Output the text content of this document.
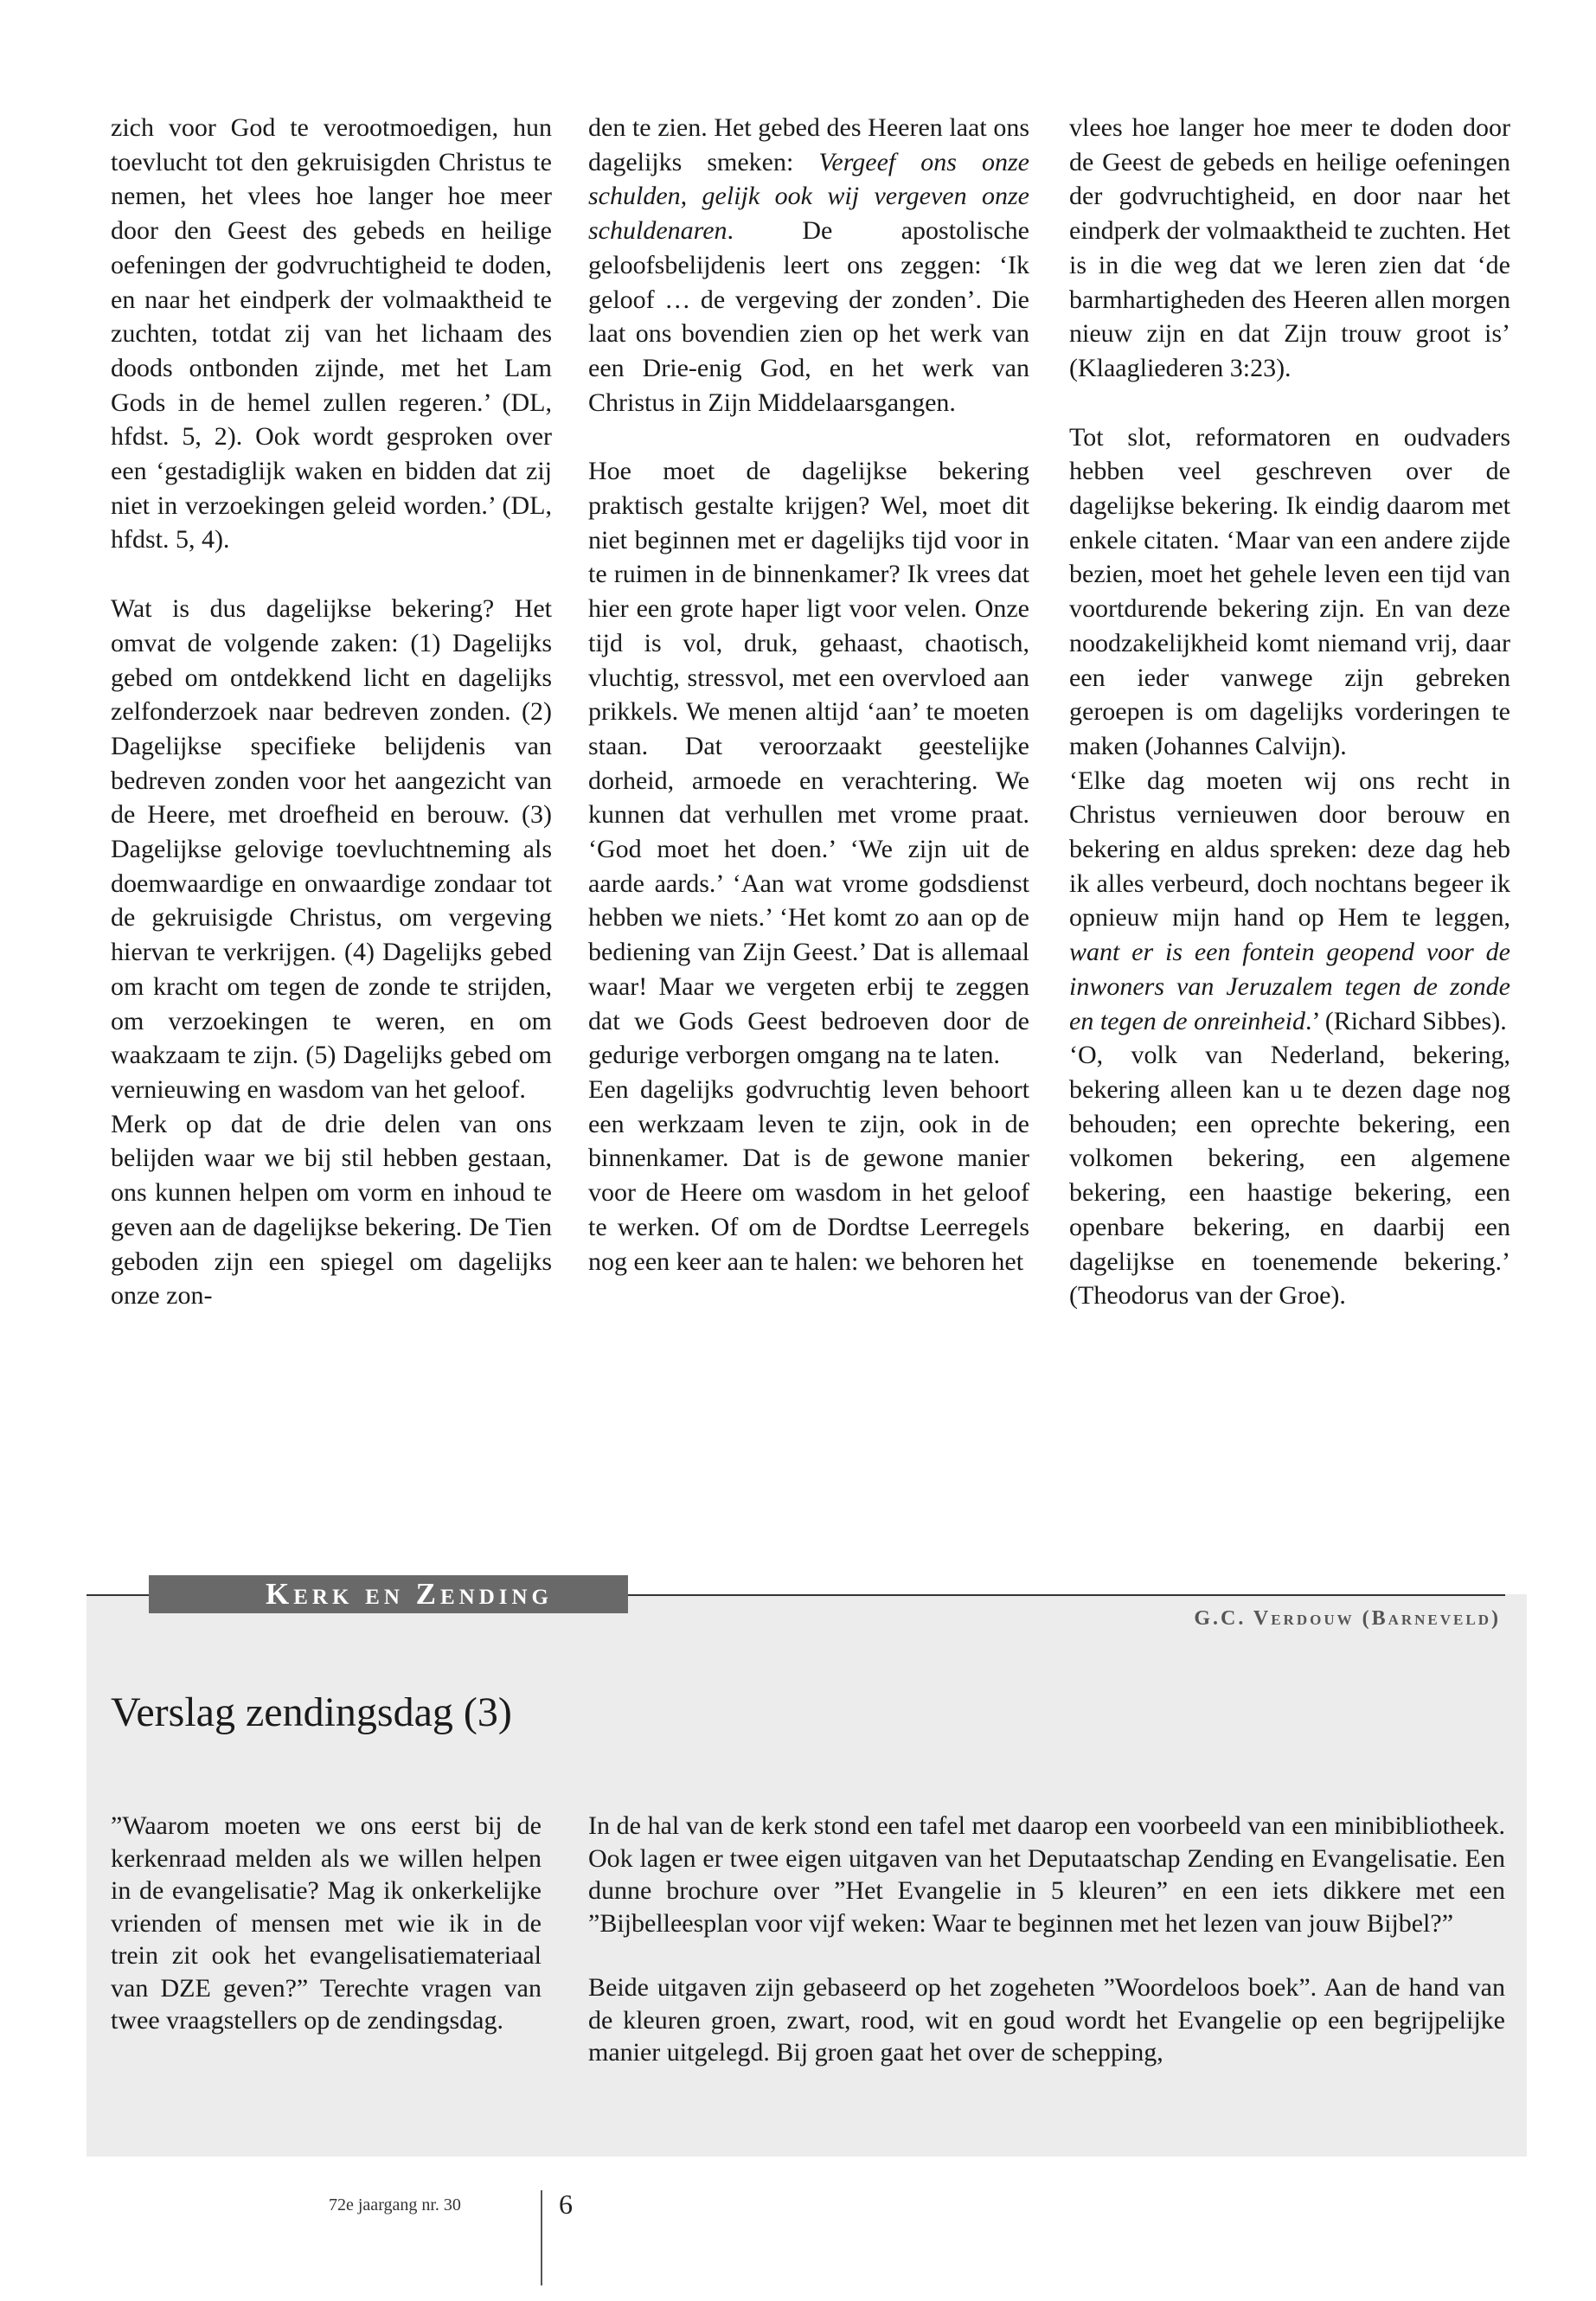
zich voor God te verootmoedigen, hun toevlucht tot den gekruisigden Christus te nemen, het vlees hoe langer hoe meer door den Geest des gebeds en heilige oefeningen der godvruchtigheid te doden, en naar het eindperk der volmaaktheid te zuchten, totdat zij van het lichaam des doods ontbonden zijnde, met het Lam Gods in de hemel zullen regeren.’ (DL, hfdst. 5, 2). Ook wordt gesproken over een ‘gestadiglijk waken en bidden dat zij niet in verzoekingen geleid worden.’ (DL, hfdst. 5, 4).

Wat is dus dagelijkse bekering? Het omvat de volgende zaken: (1) Dagelijks gebed om ontdekkend licht en dagelijks zelfonderzoek naar bedreven zonden. (2) Dagelijkse specifieke belijdenis van bedreven zonden voor het aangezicht van de Heere, met droefheid en berouw. (3) Dagelijkse gelovige toevluchtneming als doemwaardige en onwaardige zondaar tot de gekruisigde Christus, om vergeving hiervan te verkrijgen. (4) Dagelijks gebed om kracht om tegen de zonde te strijden, om verzoekingen te weren, en om waakzaam te zijn. (5) Dagelijks gebed om vernieuwing en wasdom van het geloof.

Merk op dat de drie delen van ons belijden waar we bij stil hebben gestaan, ons kunnen helpen om vorm en inhoud te geven aan de dagelijkse bekering. De Tien geboden zijn een spiegel om dagelijks onze zon-

den te zien. Het gebed des Heeren laat ons dagelijks smeken: Vergeef ons onze schulden, gelijk ook wij vergeven onze schuldenaren. De apostolische geloofsbelijdenis leert ons zeggen: ‘Ik geloof … de vergeving der zonden’. Die laat ons bovendien zien op het werk van een Drie-enig God, en het werk van Christus in Zijn Middelaarsgangen.

Hoe moet de dagelijkse bekering praktisch gestalte krijgen? Wel, moet dit niet beginnen met er dagelijks tijd voor in te ruimen in de binnenkamer? Ik vrees dat hier een grote haper ligt voor velen. Onze tijd is vol, druk, gehaast, chaotisch, vluchtig, stressvol, met een overvloed aan prikkels. We menen altijd ‘aan’ te moeten staan. Dat veroorzaakt geestelijke dorheid, armoede en verachtering. We kunnen dat verhullen met vrome praat. ‘God moet het doen.’ ‘We zijn uit de aarde aards.’ ‘Aan wat vrome godsdienst hebben we niets.’ ‘Het komt zo aan op de bediening van Zijn Geest.’ Dat is allemaal waar! Maar we vergeten erbij te zeggen dat we Gods Geest bedroeven door de gedurige verborgen omgang na te laten.

Een dagelijks godvruchtig leven behoort een werkzaam leven te zijn, ook in de binnenkamer. Dat is de gewone manier voor de Heere om wasdom in het geloof te werken. Of om de Dordtse Leerregels nog een keer aan te halen: we behoren het

vlees hoe langer hoe meer te doden door de Geest de gebeds en heilige oefeningen der godvruchtigheid, en door naar het eindperk der volmaaktheid te zuchten. Het is in die weg dat we leren zien dat ‘de barmhartigheden des Heeren allen morgen nieuw zijn en dat Zijn trouw groot is’ (Klaagliederen 3:23).

Tot slot, reformatoren en oudvaders hebben veel geschreven over de dagelijkse bekering. Ik eindig daarom met enkele citaten. ‘Maar van een andere zijde bezien, moet het gehele leven een tijd van voortdurende bekering zijn. En van deze noodzakelijkheid komt niemand vrij, daar een ieder vanwege zijn gebreken geroepen is om dagelijks vorderingen te maken (Johannes Calvijn).

‘Elke dag moeten wij ons recht in Christus vernieuwen door berouw en bekering en aldus spreken: deze dag heb ik alles verbeurd, doch nochtans begeer ik opnieuw mijn hand op Hem te leggen, want er is een fontein geopend voor de inwoners van Jeruzalem tegen de zonde en tegen de onreinheid.’ (Richard Sibbes).

‘O, volk van Nederland, bekering, bekering alleen kan u te dezen dage nog behouden; een oprechte bekering, een volkomen bekering, een algemene bekering, een haastige bekering, een openbare bekering, en daarbij een dagelijkse en toenemende bekering.’ (Theodorus van der Groe).

Kerk en Zending
G.C. Verdouw (Barneveld)
Verslag zendingsdag (3)

”Waarom moeten we ons eerst bij de kerkenraad melden als we willen helpen in de evangelisatie? Mag ik onkerkelijke vrienden of mensen met wie ik in de trein zit ook het evangelisatiemateriaal van DZE geven?” Terechte vragen van twee vraagstellers op de zendingsdag.

In de hal van de kerk stond een tafel met daarop een voorbeeld van een minibibliotheek. Ook lagen er twee eigen uitgaven van het Deputaatschap Zending en Evangelisatie. Een dunne brochure over ”Het Evangelie in 5 kleuren” en een iets dikkere met een ”Bijbelleesplan voor vijf weken: Waar te beginnen met het lezen van jouw Bijbel?”

Beide uitgaven zijn gebaseerd op het zogeheten ”Woordeloos boek”. Aan de hand van de kleuren groen, zwart, rood, wit en goud wordt het Evangelie op een begrijpelijke manier uitgelegd. Bij groen gaat het over de schepping,

72e jaargang nr. 30	6
